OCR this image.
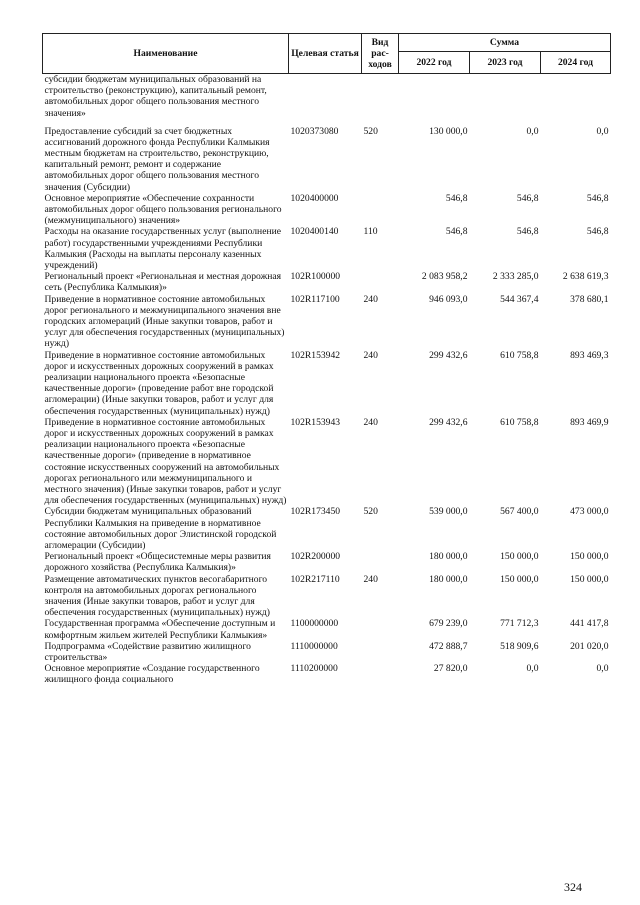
Наименование	Целевая статья	Вид рас-ходов	Сумма		
			2022 год	2023 год	2024 год
субсидии бюджетам муниципальных образований на строительство (реконструкцию), капитальный ремонт, автомобильных дорог общего пользования местного значения»					
Предоставление субсидий за счет бюджетных ассигнований дорожного фонда Республики Калмыкия местным бюджетам на строительство, реконструкцию, капитальный ремонт, ремонт и содержание автомобильных дорог общего пользования местного значения (Субсидии)	1020373080	520	130 000,0	0,0	0,0
Основное мероприятие «Обеспечение сохранности автомобильных дорог общего пользования регионального (межмуниципального) значения»	1020400000		546,8	546,8	546,8
Расходы на оказание государственных услуг (выполнение работ) государственными учреждениями Республики Калмыкия (Расходы на выплаты персоналу казенных учреждений)	1020400140	110	546,8	546,8	546,8
Региональный проект «Региональная и местная дорожная сеть (Республика Калмыкия)»	102R100000		2 083 958,2	2 333 285,0	2 638 619,3
Приведение в нормативное состояние автомобильных дорог регионального и межмуниципального значения вне городских агломераций (Иные закупки товаров, работ и услуг для обеспечения государственных (муниципальных) нужд)	102R117100	240	946 093,0	544 367,4	378 680,1
Приведение в нормативное состояние автомобильных дорог и искусственных дорожных сооружений в рамках реализации национального проекта «Безопасные качественные дороги» (проведение работ вне городской агломерации) (Иные закупки товаров, работ и услуг для обеспечения государственных (муниципальных) нужд)	102R153942	240	299 432,6	610 758,8	893 469,3
Приведение в нормативное состояние автомобильных дорог и искусственных дорожных сооружений в рамках реализации национального проекта «Безопасные качественные дороги» (приведение в нормативное состояние искусственных сооружений на автомобильных дорогах регионального или межмуниципального и местного значения) (Иные закупки товаров, работ и услуг для обеспечения государственных (муниципальных) нужд)	102R153943	240	299 432,6	610 758,8	893 469,9
Субсидии бюджетам муниципальных образований Республики Калмыкия на приведение в нормативное состояние автомобильных дорог Элистинской городской агломерации (Субсидии)	102R173450	520	539 000,0	567 400,0	473 000,0
Региональный проект «Общесистемные меры развития дорожного хозяйства (Республика Калмыкия)»	102R200000		180 000,0	150 000,0	150 000,0
Размещение автоматических пунктов весогабаритного контроля на автомобильных дорогах регионального значения (Иные закупки товаров, работ и услуг для обеспечения государственных (муниципальных) нужд)	102R217110	240	180 000,0	150 000,0	150 000,0
Государственная программа «Обеспечение доступным и комфортным жильем жителей Республики Калмыкия»	1100000000		679 239,0	771 712,3	441 417,8
Подпрограмма «Содействие развитию жилищного строительства»	1110000000		472 888,7	518 909,6	201 020,0
Основное мероприятие «Создание государственного жилищного фонда социального	1110200000		27 820,0	0,0	0,0
324
